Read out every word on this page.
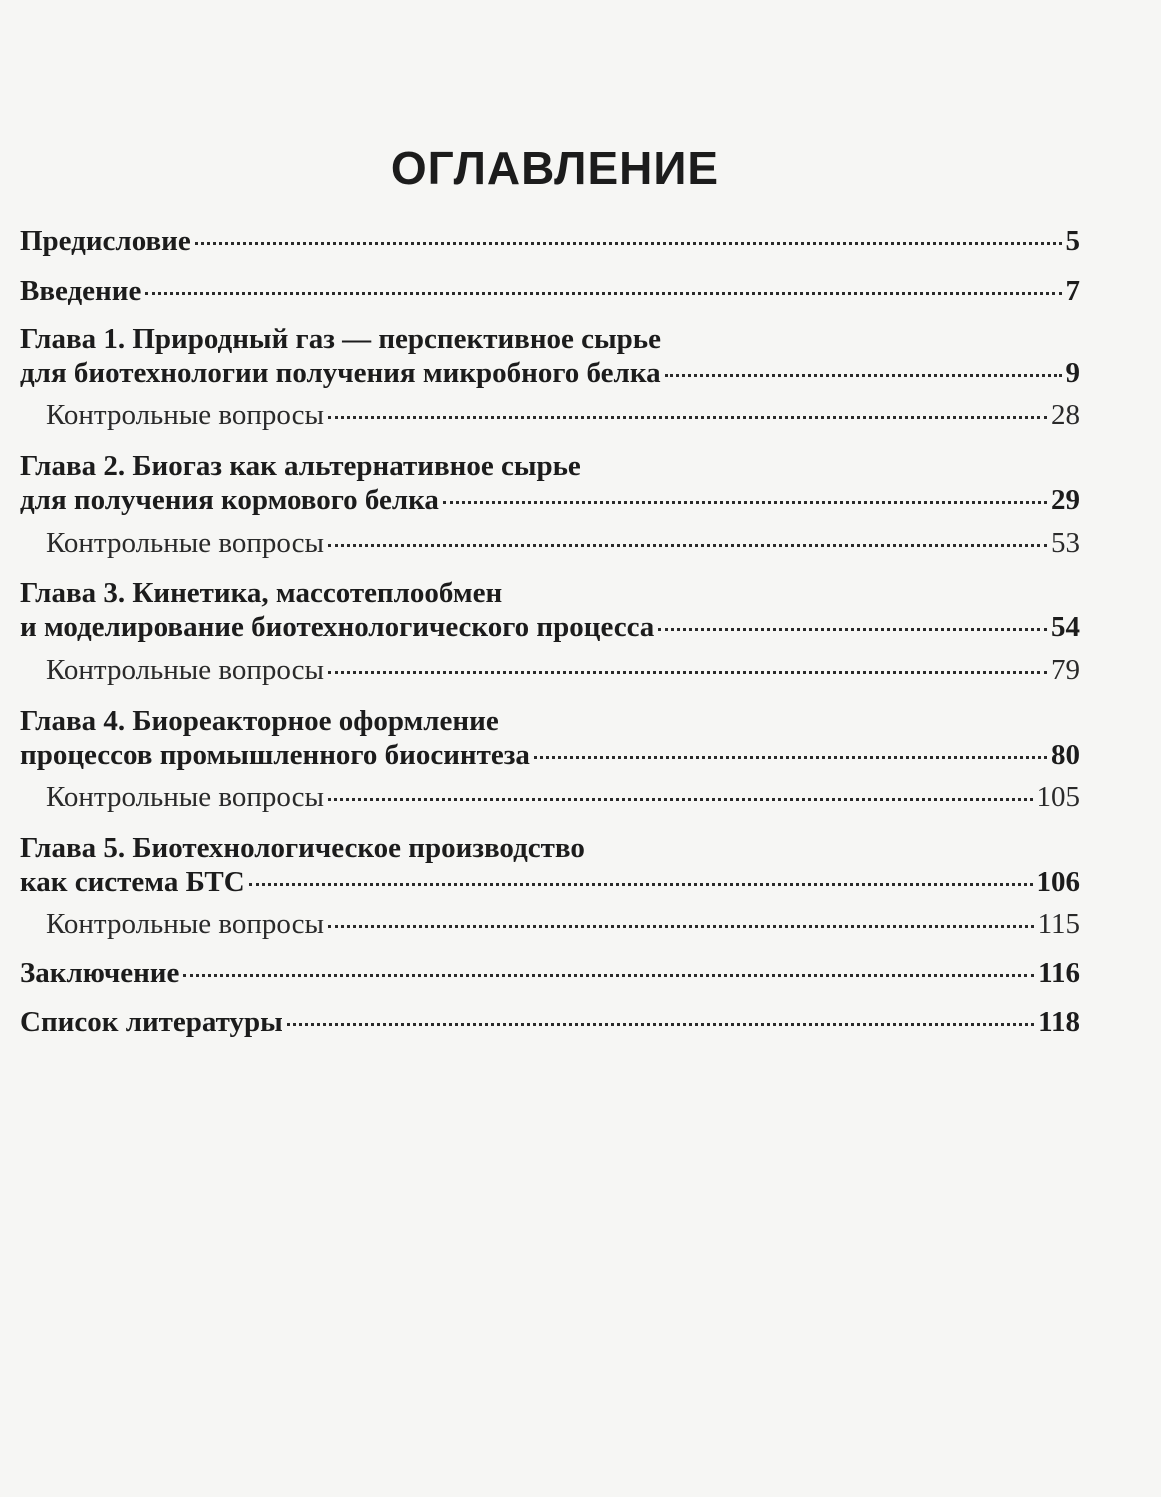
ОГЛАВЛЕНИЕ
Предисловие	5
Введение	7
Глава 1. Природный газ — перспективное сырье
для биотехнологии получения микробного белка	9
Контрольные вопросы	28
Глава 2. Биогаз как альтернативное сырье
для получения кормового белка	29
Контрольные вопросы	53
Глава 3. Кинетика, массотеплообмен
и моделирование биотехнологического процесса	54
Контрольные вопросы	79
Глава 4. Биореакторное оформление
процессов промышленного биосинтеза	80
Контрольные вопросы	105
Глава 5. Биотехнологическое производство
как система БТС	106
Контрольные вопросы	115
Заключение	116
Список литературы	118
